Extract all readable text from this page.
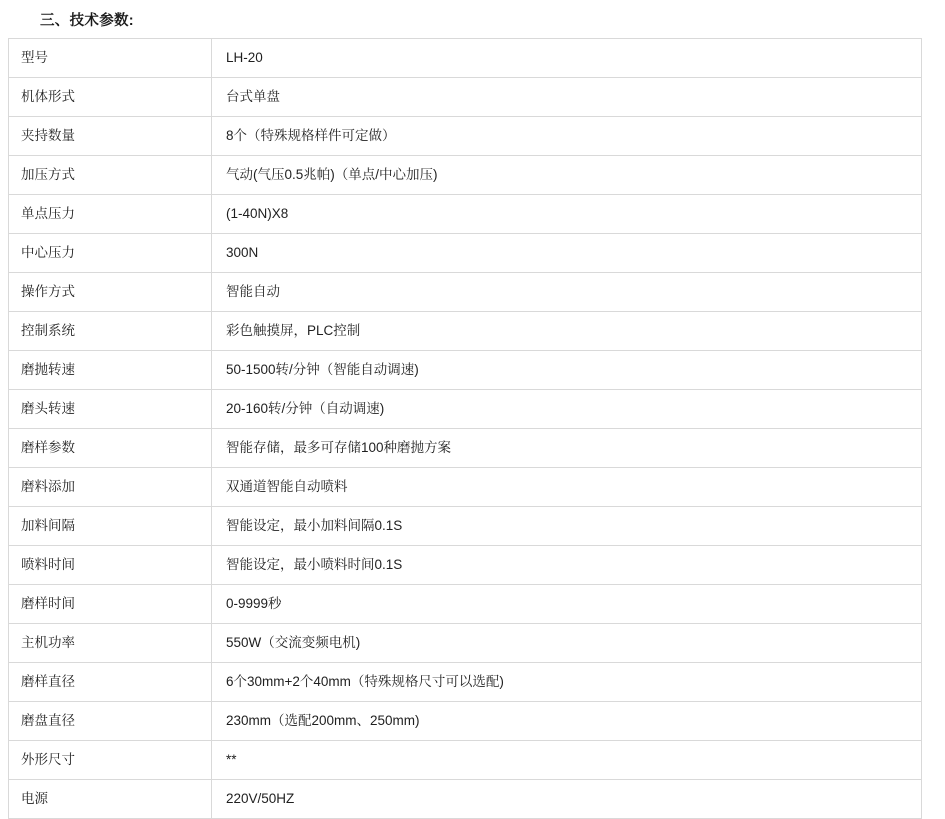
三、技术参数:
型号	LH-20
机体形式	台式单盘
夹持数量	8个（特殊规格样件可定做）
加压方式	气动(气压0.5兆帕)（单点/中心加压)
单点压力	(1-40N)X8
中心压力	300N
操作方式	智能自动
控制系统	彩色触摸屏，PLC控制
磨抛转速	50-1500转/分钟（智能自动调速)
磨头转速	20-160转/分钟（自动调速)
磨样参数	智能存储，最多可存储100种磨抛方案
磨料添加	双通道智能自动喷料
加料间隔	智能设定，最小加料间隔0.1S
喷料时间	智能设定，最小喷料时间0.1S
磨样时间	0-9999秒
主机功率	550W（交流变频电机)
磨样直径	6个30mm+2个40mm（特殊规格尺寸可以选配)
磨盘直径	230mm（选配200mm、250mm)
外形尺寸	**
电源	220V/50HZ
